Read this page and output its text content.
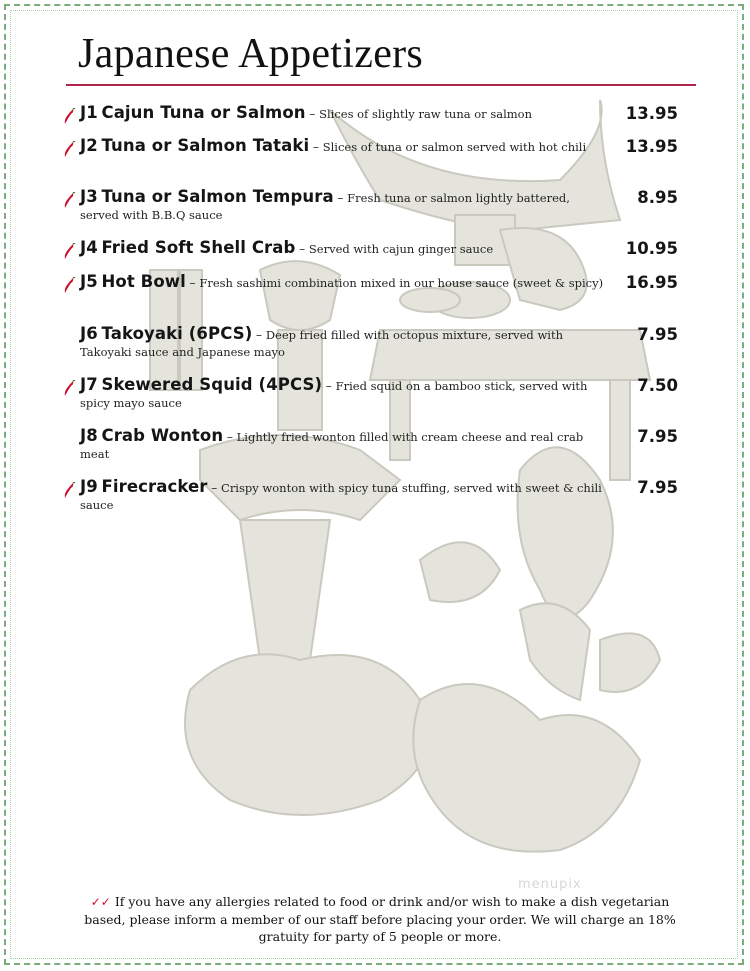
Japanese Appetizers
J1 Cajun Tuna or Salmon – Slices of slightly raw tuna or salmon	13.95
J2 Tuna or Salmon Tataki – Slices of tuna or salmon served with hot chili	13.95
J3 Tuna or Salmon Tempura – Fresh tuna or salmon lightly battered, served with B.B.Q sauce
8.95
J4 Fried Soft Shell Crab – Served with cajun ginger sauce	10.95
J5 Hot Bowl – Fresh sashimi combination mixed in our house sauce (sweet & spicy)	16.95
J6 Takoyaki (6PCS) – Deep fried filled with octopus mixture, served with Takoyaki sauce and Japanese mayo
7.95
J7 Skewered Squid (4PCS) – Fried squid on a bamboo stick, served with spicy mayo sauce
7.50
J8 Crab Wonton – Lightly fried wonton filled with cream cheese and real crab meat
7.95
J9 Firecracker – Crispy wonton with spicy tuna stuffing, served with sweet & chili sauce
7.95
menupix

✓✓ If you have any allergies related to food or drink and/or wish to make a dish vegetarian based, please inform a member of our staff before placing your order. We will charge an 18% gratuity for party of 5 people or more.
